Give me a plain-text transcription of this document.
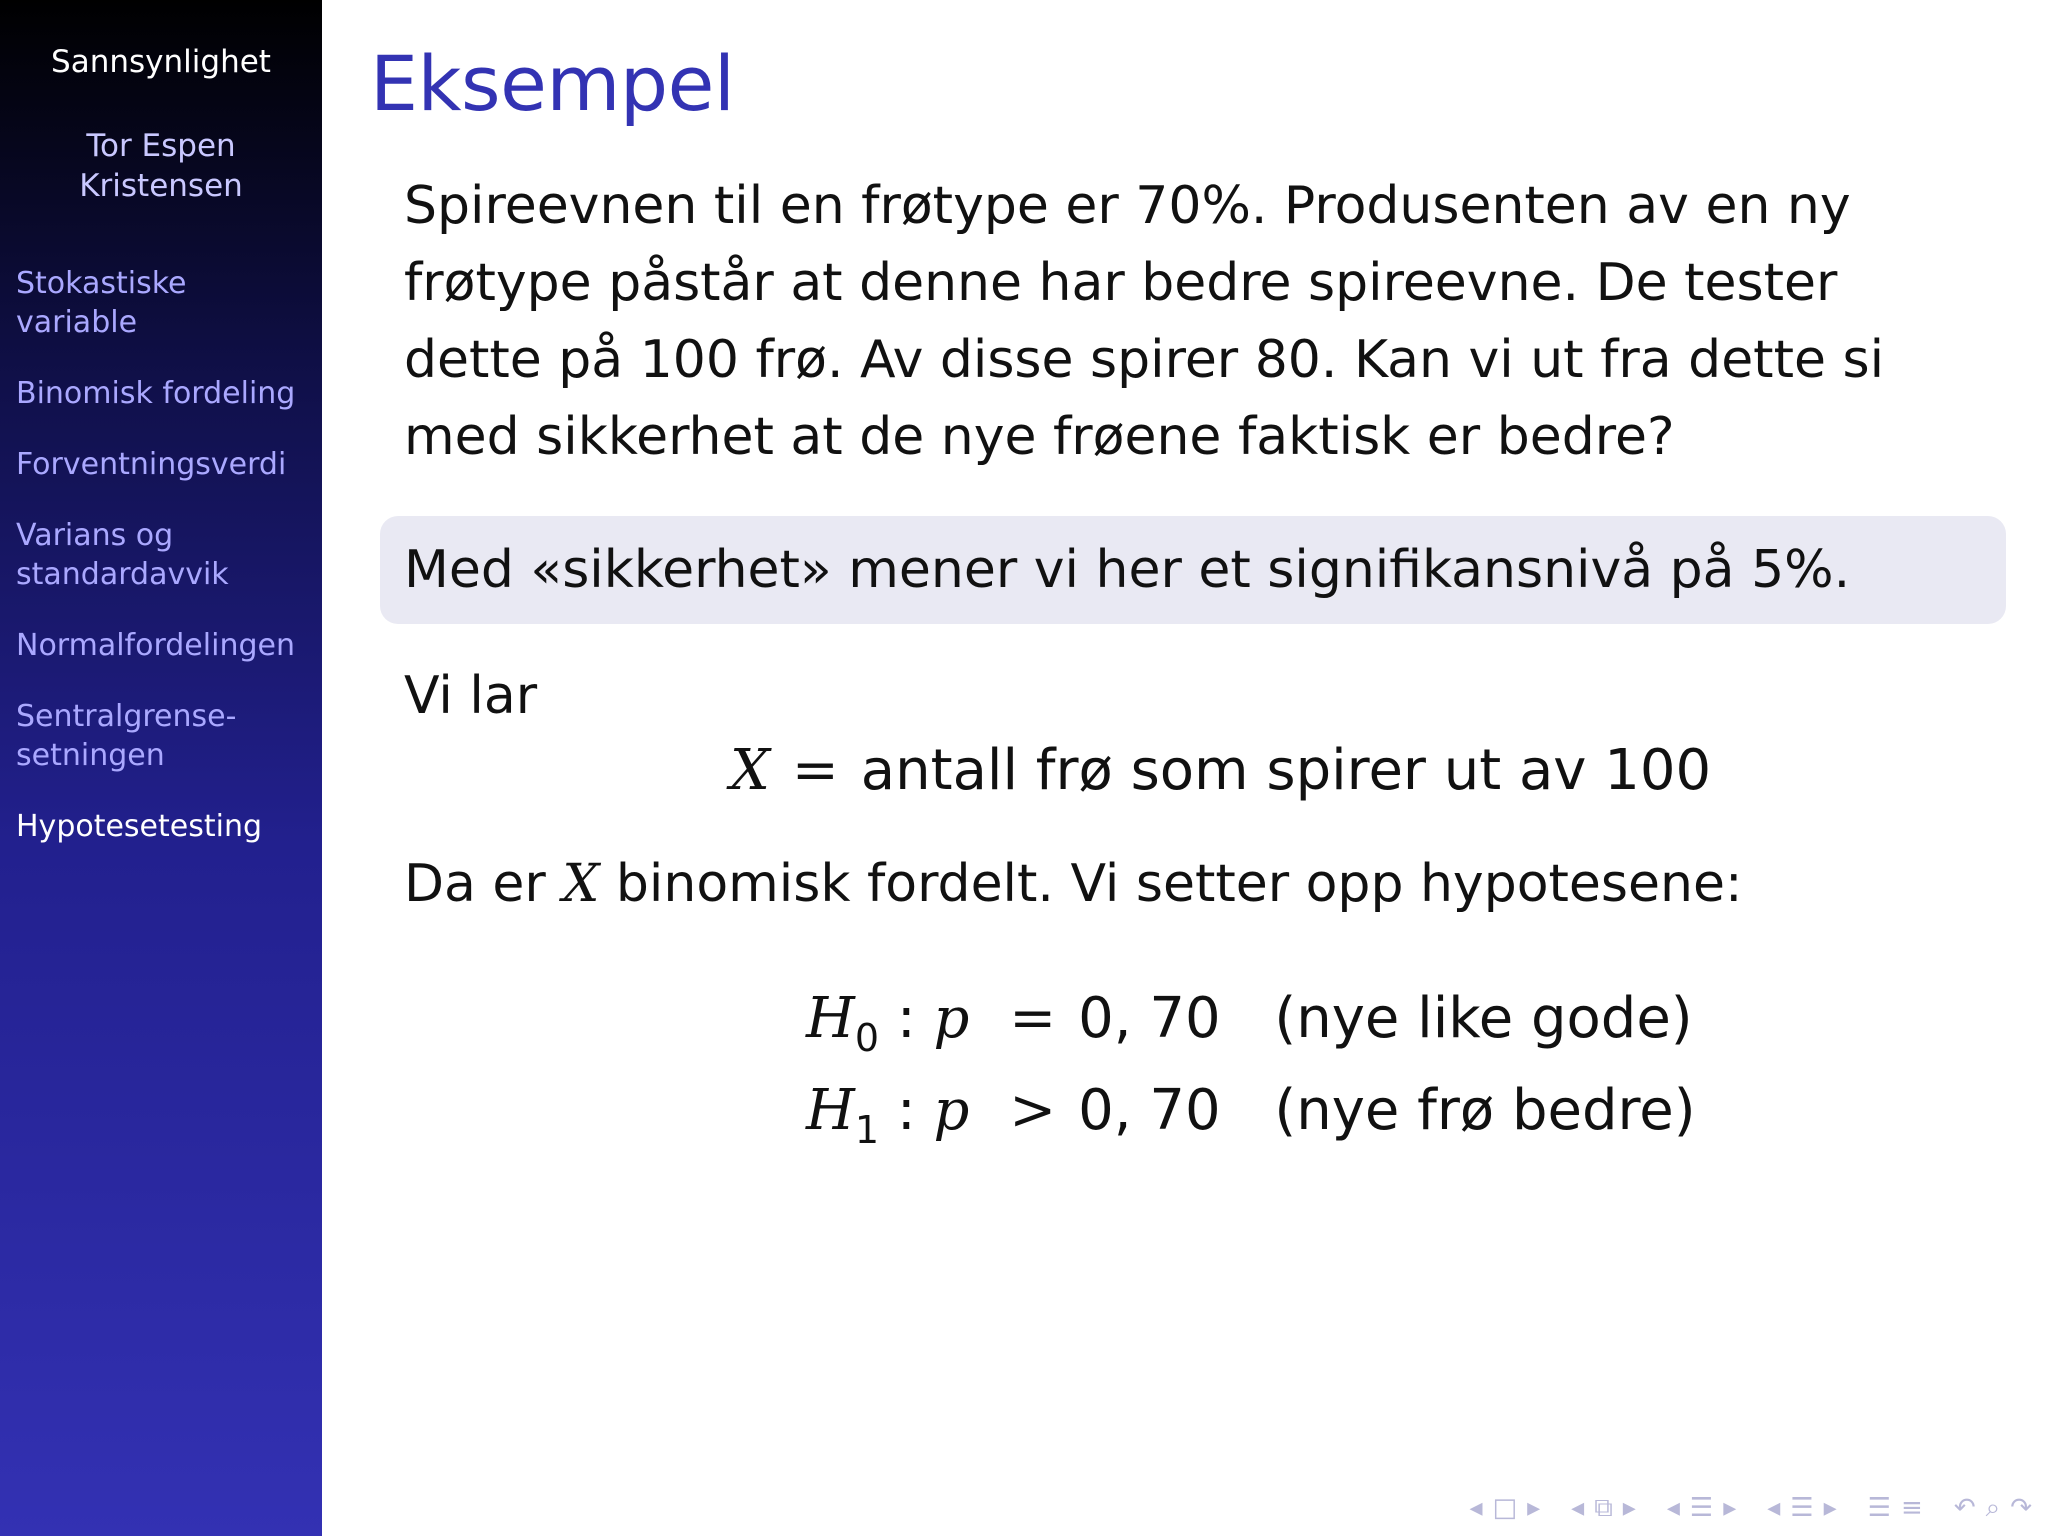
Sannsynlighet
Tor Espen Kristensen
Stokastiske variable
Binomisk fordeling
Forventningsverdi
Varians og standardavvik
Normalfordelingen
Sentralgrense-setningen
Hypotesetesting
Eksempel
Spireevnen til en frøtype er 70%. Produsenten av en ny frøtype påstår at denne har bedre spireevne. De tester dette på 100 frø. Av disse spirer 80. Kan vi ut fra dette si med sikkerhet at de nye frøene faktisk er bedre?
Med «sikkerhet» mener vi her et signifikansnivå på 5%.
Vi lar
X = antall frø som spirer ut av 100
Da er X binomisk fordelt. Vi setter opp hypotesene:
$H_0$ : p = 0, 70 (nye like gode)
$H_1$ : p > 0, 70 (nye frø bedre)
◂ □ ▸ ◂ ⧉ ▸ ◂ ☰ ▸ ◂ ☰ ▸ ☰ ≡ ↶ ⌕ ↷
